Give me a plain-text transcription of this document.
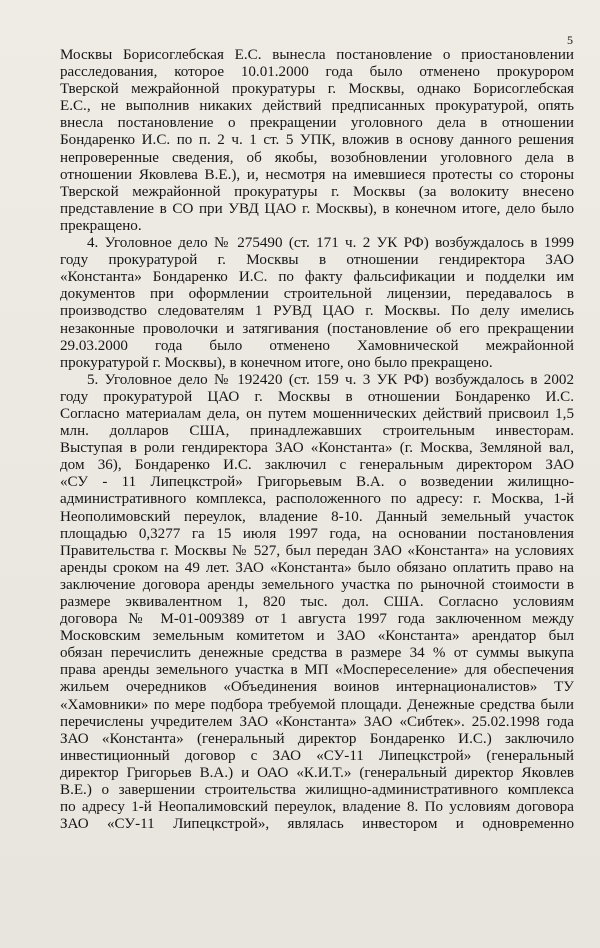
5
Москвы Борисоглебская Е.С. вынесла постановление о приостановлении
расследования, которое 10.01.2000 года было отменено прокурором
Тверской межрайонной прокуратуры г. Москвы, однако Борисоглебская
Е.С., не выполнив никаких действий предписанных прокуратурой, опять
внесла постановление о прекращении уголовного дела в отношении
Бондаренко И.С. по п. 2 ч. 1 ст. 5 УПК, вложив в основу данного решения
непроверенные сведения, об якобы, возобновлении уголовного дела в
отношении Яковлева В.Е.), и, несмотря на имевшиеся протесты со стороны
Тверской межрайонной прокуратуры г. Москвы (за волокиту внесено
представление в СО при УВД ЦАО г. Москвы), в конечном итоге, дело было
прекращено.
4. Уголовное дело № 275490 (ст. 171 ч. 2 УК РФ) возбуждалось в 1999
году прокуратурой г. Москвы в отношении гендиректора ЗАО
«Константа» Бондаренко И.С. по факту фальсификации и подделки им
документов при оформлении строительной лицензии, передавалось в
производство следователям 1 РУВД ЦАО г. Москвы. По делу имелись
незаконные проволочки и затягивания (постановление об его прекращении
29.03.2000 года было отменено Хамовнической межрайонной
прокуратурой г. Москвы), в конечном итоге, оно было прекращено.
5. Уголовное дело № 192420 (ст. 159 ч. 3 УК РФ) возбуждалось в 2002
году прокуратурой ЦАО г. Москвы в отношении Бондаренко И.С.
Согласно материалам дела, он путем мошеннических действий присвоил 1,5
млн. долларов США, принадлежавших строительным инвесторам.
Выступая в роли гендиректора ЗАО «Константа» (г. Москва, Земляной вал,
дом 36), Бондаренко И.С. заключил с генеральным директором ЗАО
«СУ - 11 Липецкстрой» Григорьевым В.А. о возведении жилищно-
административного комплекса, расположенного по адресу: г. Москва, 1-й
Неополимовский переулок, владение 8-10. Данный земельный участок
площадью 0,3277 га 15 июля 1997 года, на основании постановления
Правительства г. Москвы № 527, был передан ЗАО «Константа» на условиях
аренды сроком на 49 лет. ЗАО «Константа» было обязано оплатить право на
заключение договора аренды земельного участка по рыночной стоимости в
размере эквивалентном 1, 820 тыс. дол. США. Согласно условиям
договора № М-01-009389 от 1 августа 1997 года заключенном между
Московским земельным комитетом и ЗАО «Константа» арендатор был
обязан перечислить денежные средства в размере 34 % от суммы выкупа
права аренды земельного участка в МП «Моспереселение» для обеспечения
жильем очередников «Объединения воинов интернационалистов» ТУ
«Хамовники» по мере подбора требуемой площади. Денежные средства были
перечислены учредителем ЗАО «Константа» ЗАО «Сибтек». 25.02.1998 года
ЗАО «Константа» (генеральный директор Бондаренко И.С.) заключило
инвестиционный договор с ЗАО «СУ-11 Липецкстрой» (генеральный
директор Григорьев В.А.) и ОАО «К.И.Т.» (генеральный директор Яковлев
В.Е.) о завершении строительства жилищно-административного комплекса
по адресу 1-й Неопалимовский переулок, владение 8. По условиям договора
ЗАО «СУ-11 Липецкстрой», являлась инвестором и одновременно
